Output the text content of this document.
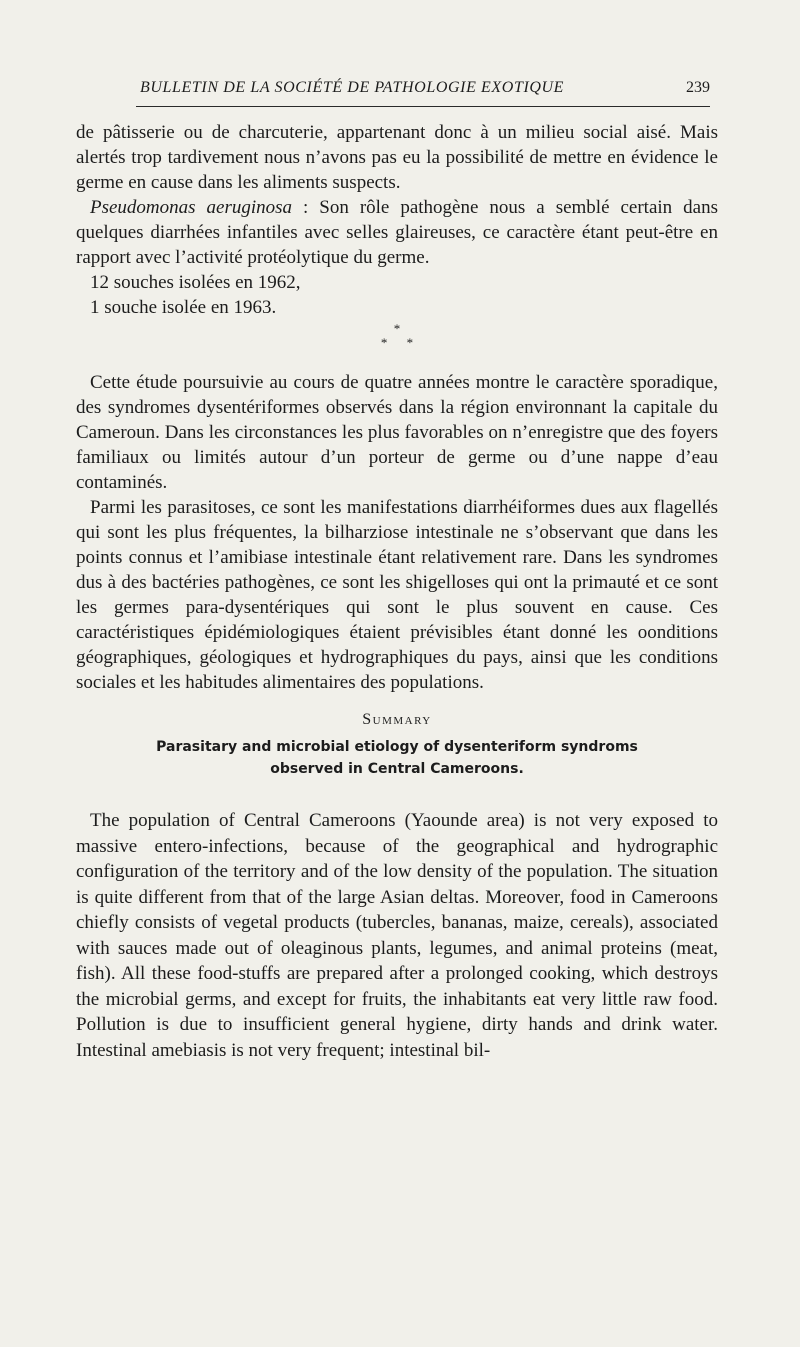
BULLETIN DE LA SOCIÉTÉ DE PATHOLOGIE EXOTIQUE	239

de pâtisserie ou de charcuterie, appartenant donc à un milieu social aisé. Mais alertés trop tardivement nous n’avons pas eu la possibilité de mettre en évidence le germe en cause dans les aliments suspects.

Pseudomonas aeruginosa : Son rôle pathogène nous a semblé certain dans quelques diarrhées infantiles avec selles glaireuses, ce caractère étant peut-être en rapport avec l’activité protéolytique du germe.

12 souches isolées en 1962,

1 souche isolée en 1963.

*
* *

Cette étude poursuivie au cours de quatre années montre le caractère sporadique, des syndromes dysentériformes observés dans la région environnant la capitale du Cameroun. Dans les circonstances les plus favorables on n’enregistre que des foyers familiaux ou limités autour d’un porteur de germe ou d’une nappe d’eau contaminés.

Parmi les parasitoses, ce sont les manifestations diarrhéiformes dues aux flagellés qui sont les plus fréquentes, la bilharziose intestinale ne s’observant que dans les points connus et l’amibiase intestinale étant relativement rare. Dans les syndromes dus à des bactéries pathogènes, ce sont les shigelloses qui ont la primauté et ce sont les germes para-dysentériques qui sont le plus souvent en cause. Ces caractéristiques épidémiologiques étaient prévisibles étant donné les oonditions géographiques, géologiques et hydrographiques du pays, ainsi que les conditions sociales et les habitudes alimentaires des populations.

Summary
Parasitary and microbial etiology of dysenteriform syndroms
observed in Central Cameroons.

The population of Central Cameroons (Yaounde area) is not very exposed to massive entero-infections, because of the geographical and hydrographic configuration of the territory and of the low density of the population. The situation is quite different from that of the large Asian deltas. Moreover, food in Cameroons chiefly consists of vegetal products (tubercles, bananas, maize, cereals), associated with sauces made out of oleaginous plants, legumes, and animal proteins (meat, fish). All these food-stuffs are prepared after a prolonged cooking, which destroys the microbial germs, and except for fruits, the inhabitants eat very little raw food. Pollution is due to insufficient general hygiene, dirty hands and drink water. Intestinal amebiasis is not very frequent; intestinal bil-
